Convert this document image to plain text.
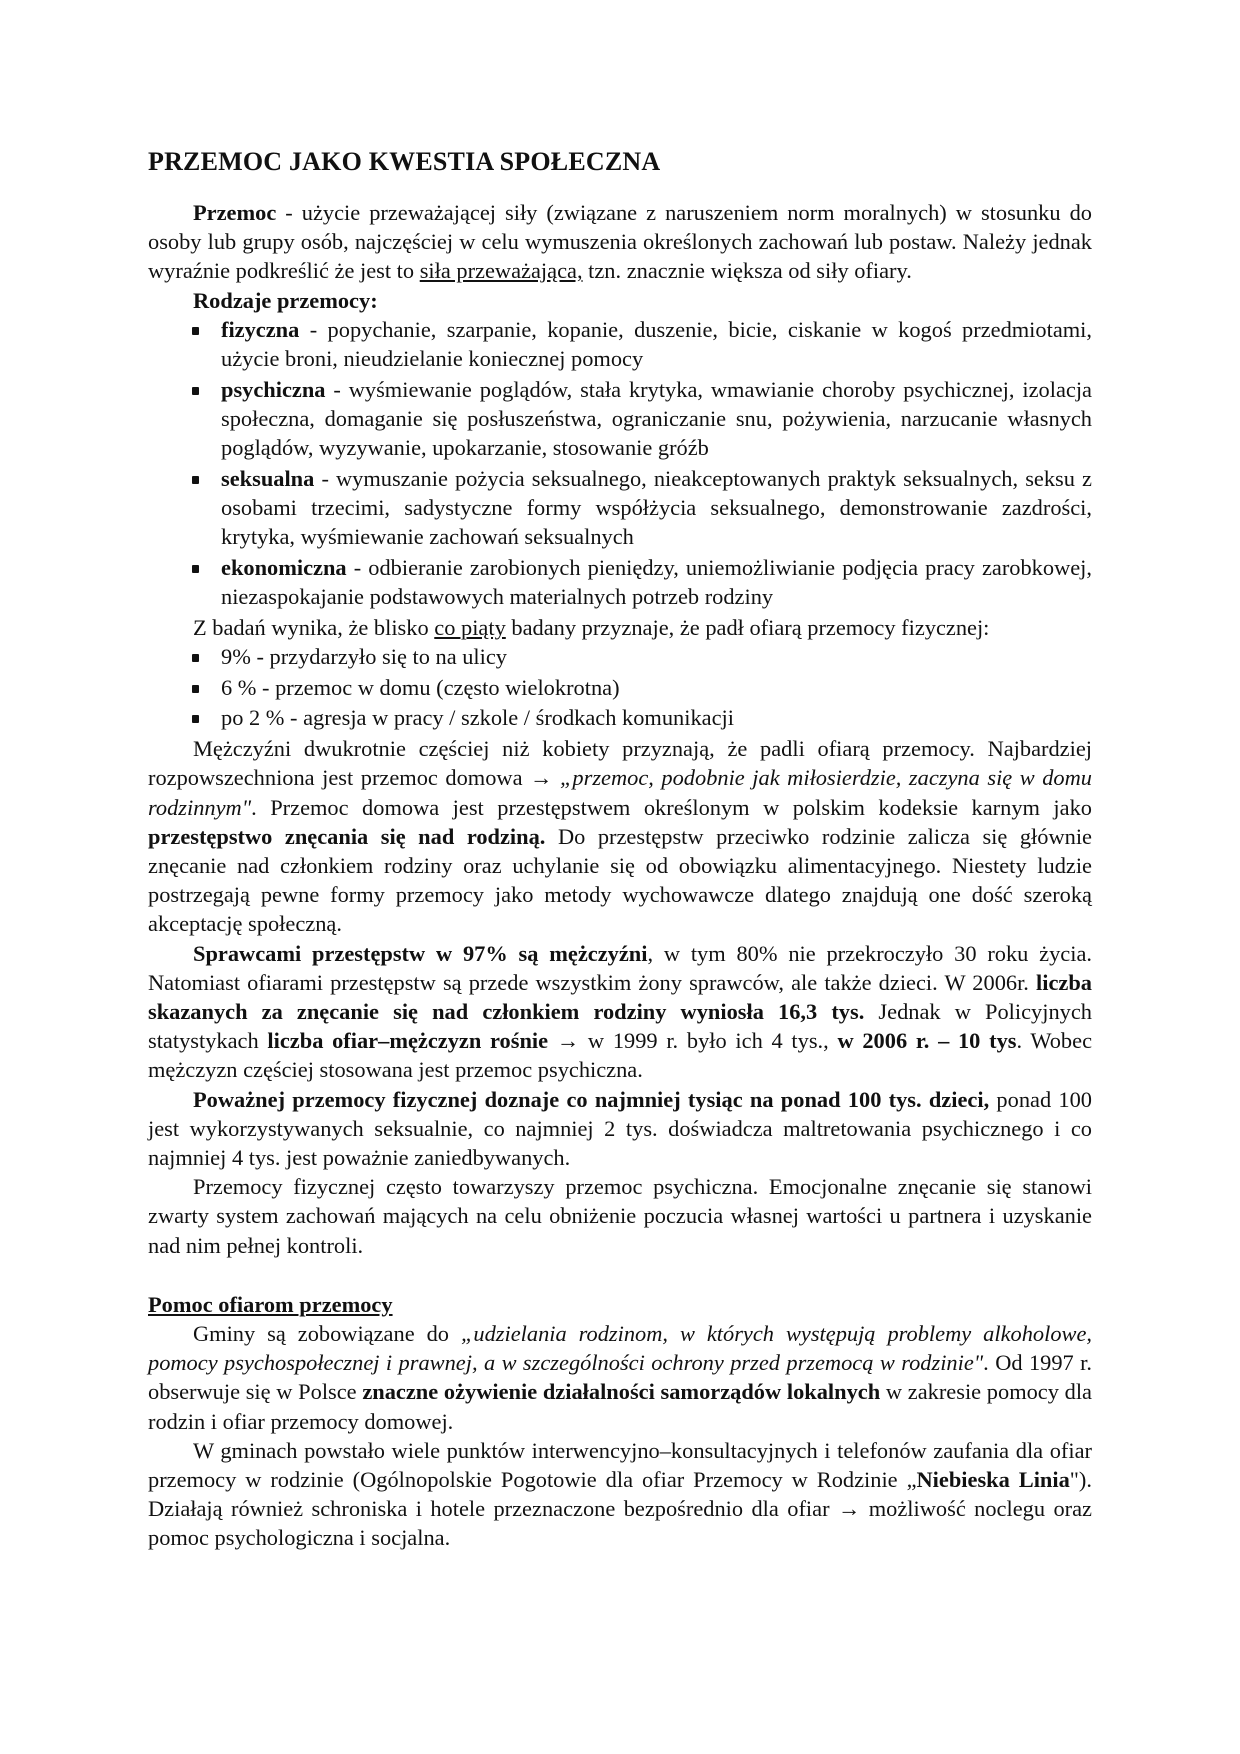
PRZEMOC JAKO KWESTIA SPOŁECZNA

Przemoc - użycie przeważającej siły (związane z naruszeniem norm moralnych) w stosunku do osoby lub grupy osób, najczęściej w celu wymuszenia określonych zachowań lub postaw. Należy jednak wyraźnie podkreślić że jest to siła przeważająca, tzn. znacznie większa od siły ofiary.

Rodzaje przemocy:

fizyczna - popychanie, szarpanie, kopanie, duszenie, bicie, ciskanie w kogoś przedmiotami, użycie broni, nieudzielanie koniecznej pomocy
psychiczna - wyśmiewanie poglądów, stała krytyka, wmawianie choroby psychicznej, izolacja społeczna, domaganie się posłuszeństwa, ograniczanie snu, pożywienia, narzucanie własnych poglądów, wyzywanie, upokarzanie, stosowanie gróźb
seksualna - wymuszanie pożycia seksualnego, nieakceptowanych praktyk seksualnych, seksu z osobami trzecimi, sadystyczne formy współżycia seksualnego, demonstrowanie zazdrości, krytyka, wyśmiewanie zachowań seksualnych
ekonomiczna - odbieranie zarobionych pieniędzy, uniemożliwianie podjęcia pracy zarobkowej, niezaspokajanie podstawowych materialnych potrzeb rodziny

Z badań wynika, że blisko co piąty badany przyznaje, że padł ofiarą przemocy fizycznej:

9% - przydarzyło się to na ulicy
6 % - przemoc w domu (często wielokrotna)
po 2 % - agresja w pracy / szkole / środkach komunikacji

Mężczyźni dwukrotnie częściej niż kobiety przyznają, że padli ofiarą przemocy. Najbardziej rozpowszechniona jest przemoc domowa → „przemoc, podobnie jak miłosierdzie, zaczyna się w domu rodzinnym". Przemoc domowa jest przestępstwem określonym w polskim kodeksie karnym jako przestępstwo znęcania się nad rodziną. Do przestępstw przeciwko rodzinie zalicza się głównie znęcanie nad członkiem rodziny oraz uchylanie się od obowiązku alimentacyjnego. Niestety ludzie postrzegają pewne formy przemocy jako metody wychowawcze dlatego znajdują one dość szeroką akceptację społeczną.

Sprawcami przestępstw w 97% są mężczyźni, w tym 80% nie przekroczyło 30 roku życia. Natomiast ofiarami przestępstw są przede wszystkim żony sprawców, ale także dzieci. W 2006r. liczba skazanych za znęcanie się nad członkiem rodziny wyniosła 16,3 tys. Jednak w Policyjnych statystykach liczba ofiar–mężczyzn rośnie → w 1999 r. było ich 4 tys., w 2006 r. – 10 tys. Wobec mężczyzn częściej stosowana jest przemoc psychiczna.

Poważnej przemocy fizycznej doznaje co najmniej tysiąc na ponad 100 tys. dzieci, ponad 100 jest wykorzystywanych seksualnie, co najmniej 2 tys. doświadcza maltretowania psychicznego i co najmniej 4 tys. jest poważnie zaniedbywanych.

Przemocy fizycznej często towarzyszy przemoc psychiczna. Emocjonalne znęcanie się stanowi zwarty system zachowań mających na celu obniżenie poczucia własnej wartości u partnera i uzyskanie nad nim pełnej kontroli.

Pomoc ofiarom przemocy

Gminy są zobowiązane do „udzielania rodzinom, w których występują problemy alkoholowe, pomocy psychospołecznej i prawnej, a w szczególności ochrony przed przemocą w rodzinie". Od 1997 r. obserwuje się w Polsce znaczne ożywienie działalności samorządów lokalnych w zakresie pomocy dla rodzin i ofiar przemocy domowej.

W gminach powstało wiele punktów interwencyjno–konsultacyjnych i telefonów zaufania dla ofiar przemocy w rodzinie (Ogólnopolskie Pogotowie dla ofiar Przemocy w Rodzinie „Niebieska Linia"). Działają również schroniska i hotele przeznaczone bezpośrednio dla ofiar → możliwość noclegu oraz pomoc psychologiczna i socjalna.
